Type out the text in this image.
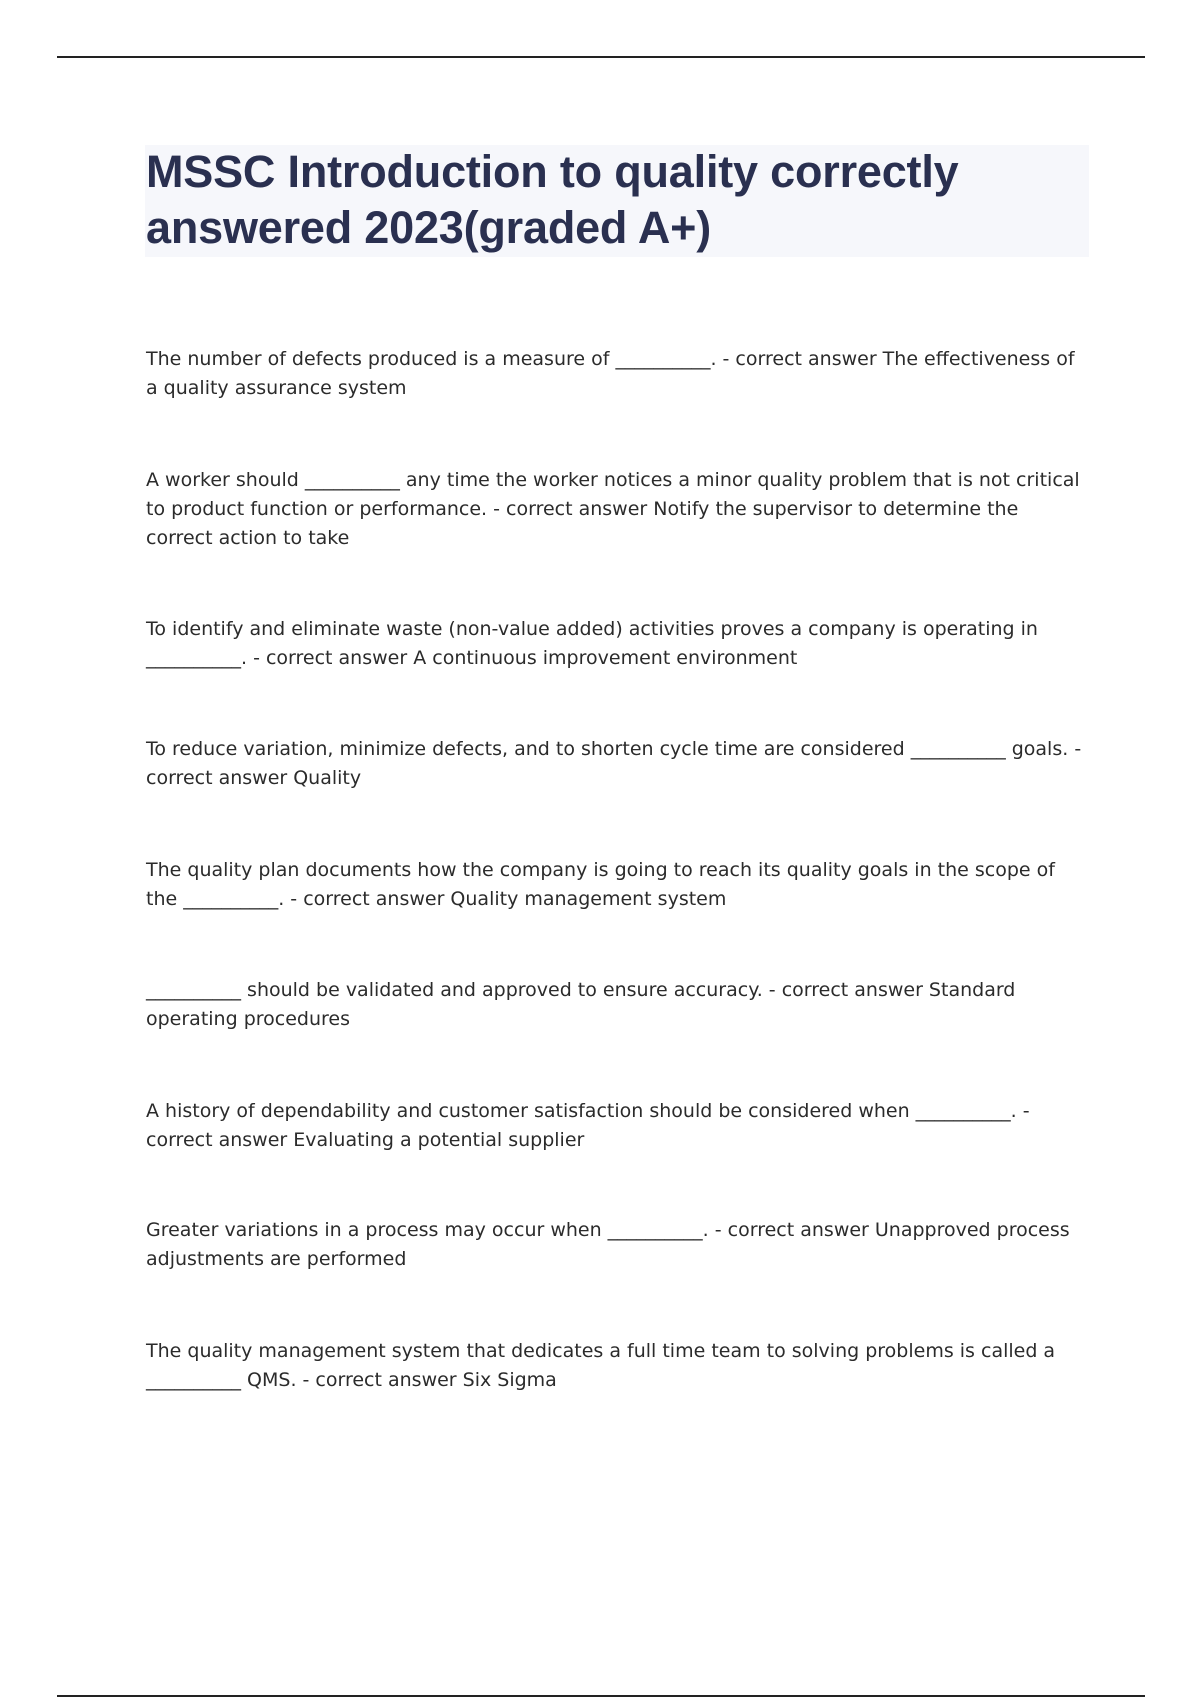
MSSC Introduction to quality correctly answered 2023(graded A+)

The number of defects produced is a measure of __________. - correct answer The effectiveness of a quality assurance system

A worker should __________ any time the worker notices a minor quality problem that is not critical to product function or performance. - correct answer Notify the supervisor to determine the correct action to take

To identify and eliminate waste (non-value added) activities proves a company is operating in __________. - correct answer A continuous improvement environment

To reduce variation, minimize defects, and to shorten cycle time are considered __________ goals. - correct answer Quality

The quality plan documents how the company is going to reach its quality goals in the scope of the __________. - correct answer Quality management system

__________ should be validated and approved to ensure accuracy. - correct answer Standard operating procedures

A history of dependability and customer satisfaction should be considered when __________. - correct answer Evaluating a potential supplier

Greater variations in a process may occur when __________. - correct answer Unapproved process adjustments are performed

The quality management system that dedicates a full time team to solving problems is called a __________ QMS. - correct answer Six Sigma
